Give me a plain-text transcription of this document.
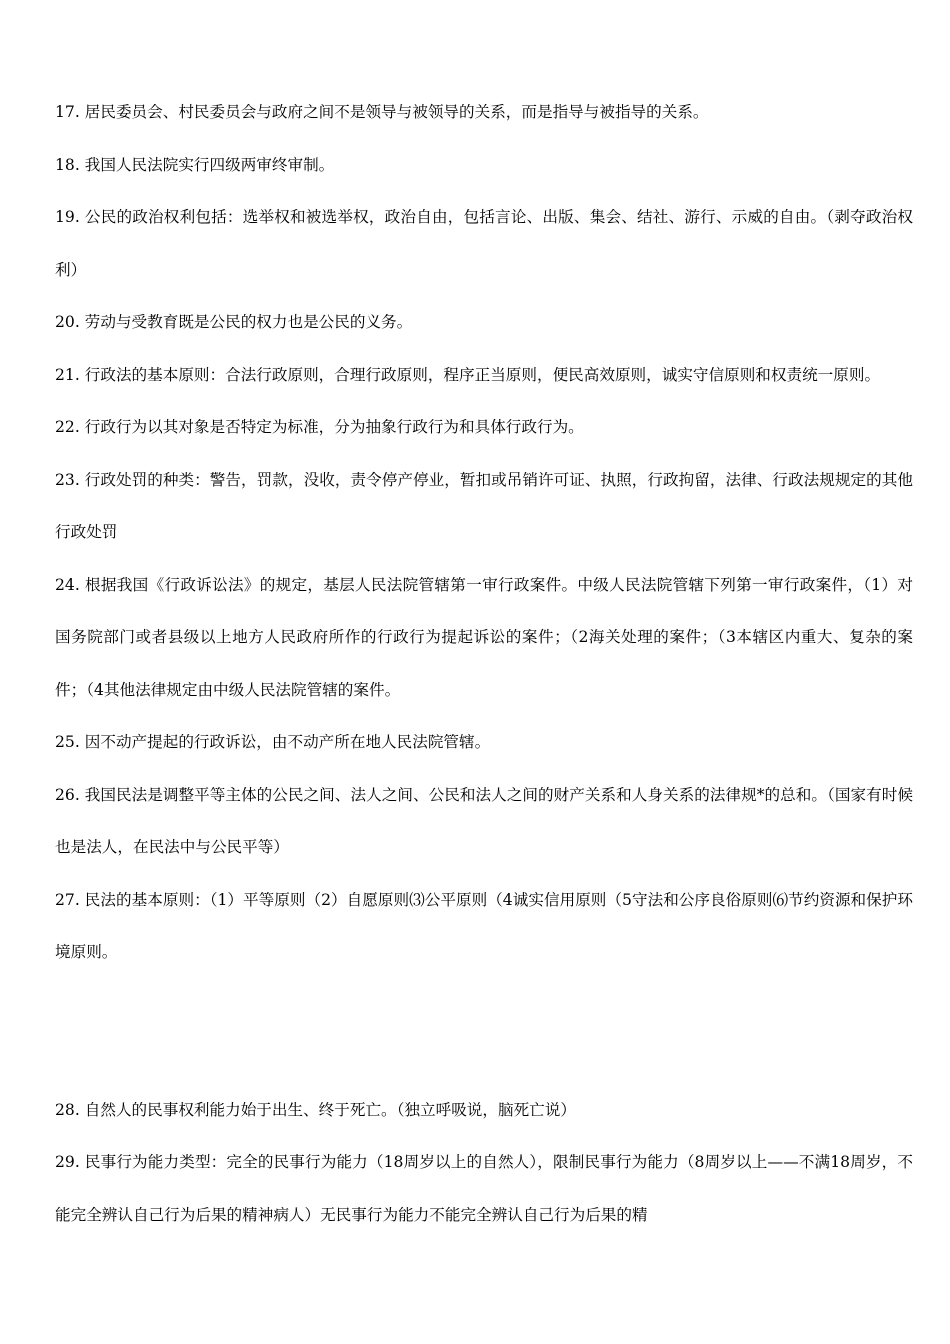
17. 居民委员会、村民委员会与政府之间不是领导与被领导的关系，而是指导与被指导的关系。

18. 我国人民法院实行四级两审终审制。

19. 公民的政治权利包括：选举权和被选举权，政治自由，包括言论、出版、集会、结社、游行、示威的自由。（剥夺政治权利）

20. 劳动与受教育既是公民的权力也是公民的义务。

21. 行政法的基本原则：合法行政原则，合理行政原则，程序正当原则，便民高效原则，诚实守信原则和权责统一原则。

22. 行政行为以其对象是否特定为标准，分为抽象行政行为和具体行政行为。

23. 行政处罚的种类：警告，罚款，没收，责令停产停业，暂扣或吊销许可证、执照，行政拘留，法律、行政法规规定的其他行政处罚

24. 根据我国《行政诉讼法》的规定，基层人民法院管辖第一审行政案件。中级人民法院管辖下列第一审行政案件，（1）对国务院部门或者县级以上地方人民政府所作的行政行为提起诉讼的案件；（2海关处理的案件；（3本辖区内重大、复杂的案件；（4其他法律规定由中级人民法院管辖的案件。

25. 因不动产提起的行政诉讼，由不动产所在地人民法院管辖。

26. 我国民法是调整平等主体的公民之间、法人之间、公民和法人之间的财产关系和人身关系的法律规*的总和。（国家有时候也是法人，在民法中与公民平等）

27. 民法的基本原则：（1）平等原则（2）自愿原则⑶公平原则（4诚实信用原则（5守法和公序良俗原则⑹节约资源和保护环境原则。

28. 自然人的民事权利能力始于出生、终于死亡。（独立呼吸说，脑死亡说）

29. 民事行为能力类型：完全的民事行为能力（18周岁以上的自然人），限制民事行为能力（8周岁以上——不满18周岁，不能完全辨认自己行为后果的精神病人）无民事行为能力不能完全辨认自己行为后果的精
